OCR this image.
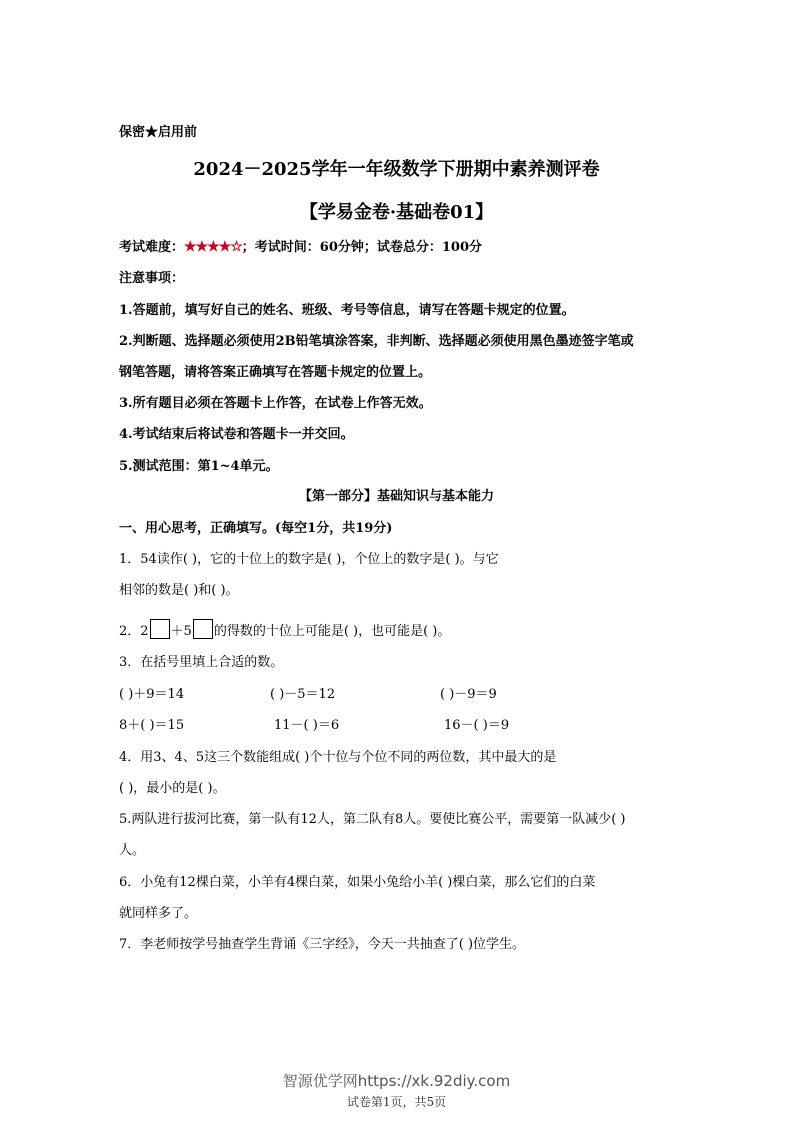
保密★启用前
2024－2025学年一年级数学下册期中素养测评卷
【学易金卷·基础卷01】
考试难度：★★★★☆；考试时间：60分钟；试卷总分：100分
注意事项：
1.答题前，填写好自己的姓名、班级、考号等信息，请写在答题卡规定的位置。
2.判断题、选择题必须使用2B铅笔填涂答案，非判断、选择题必须使用黑色墨迹签字笔或
钢笔答题，请将答案正确填写在答题卡规定的位置上。
3.所有题目必须在答题卡上作答，在试卷上作答无效。
4.考试结束后将试卷和答题卡一并交回。
5.测试范围：第1~4单元。
【第一部分】基础知识与基本能力
一、用心思考，正确填写。(每空1分，共19分)
1．54读作( )，它的十位上的数字是( )，个位上的数字是( )。与它
相邻的数是( )和( )。
2．2 ＋5 的得数的十位上可能是( )，也可能是( )。
3．在括号里填上合适的数。
( )＋9＝14	( )－5＝12	( )－9＝9
8＋( )＝15	11－( )＝6	16－( )＝9
4．用3、4、5这三个数能组成( )个十位与个位不同的两位数，其中最大的是
( )，最小的是( )。
5.两队进行拔河比赛，第一队有12人，第二队有8人。要使比赛公平，需要第一队减少( )
人。
6．小兔有12棵白菜，小羊有4棵白菜，如果小兔给小羊( )棵白菜，那么它们的白菜
就同样多了。
7．李老师按学号抽查学生背诵《三字经》，今天一共抽查了( )位学生。
智源优学网https://xk.92diy.com
试卷第1页，共5页
